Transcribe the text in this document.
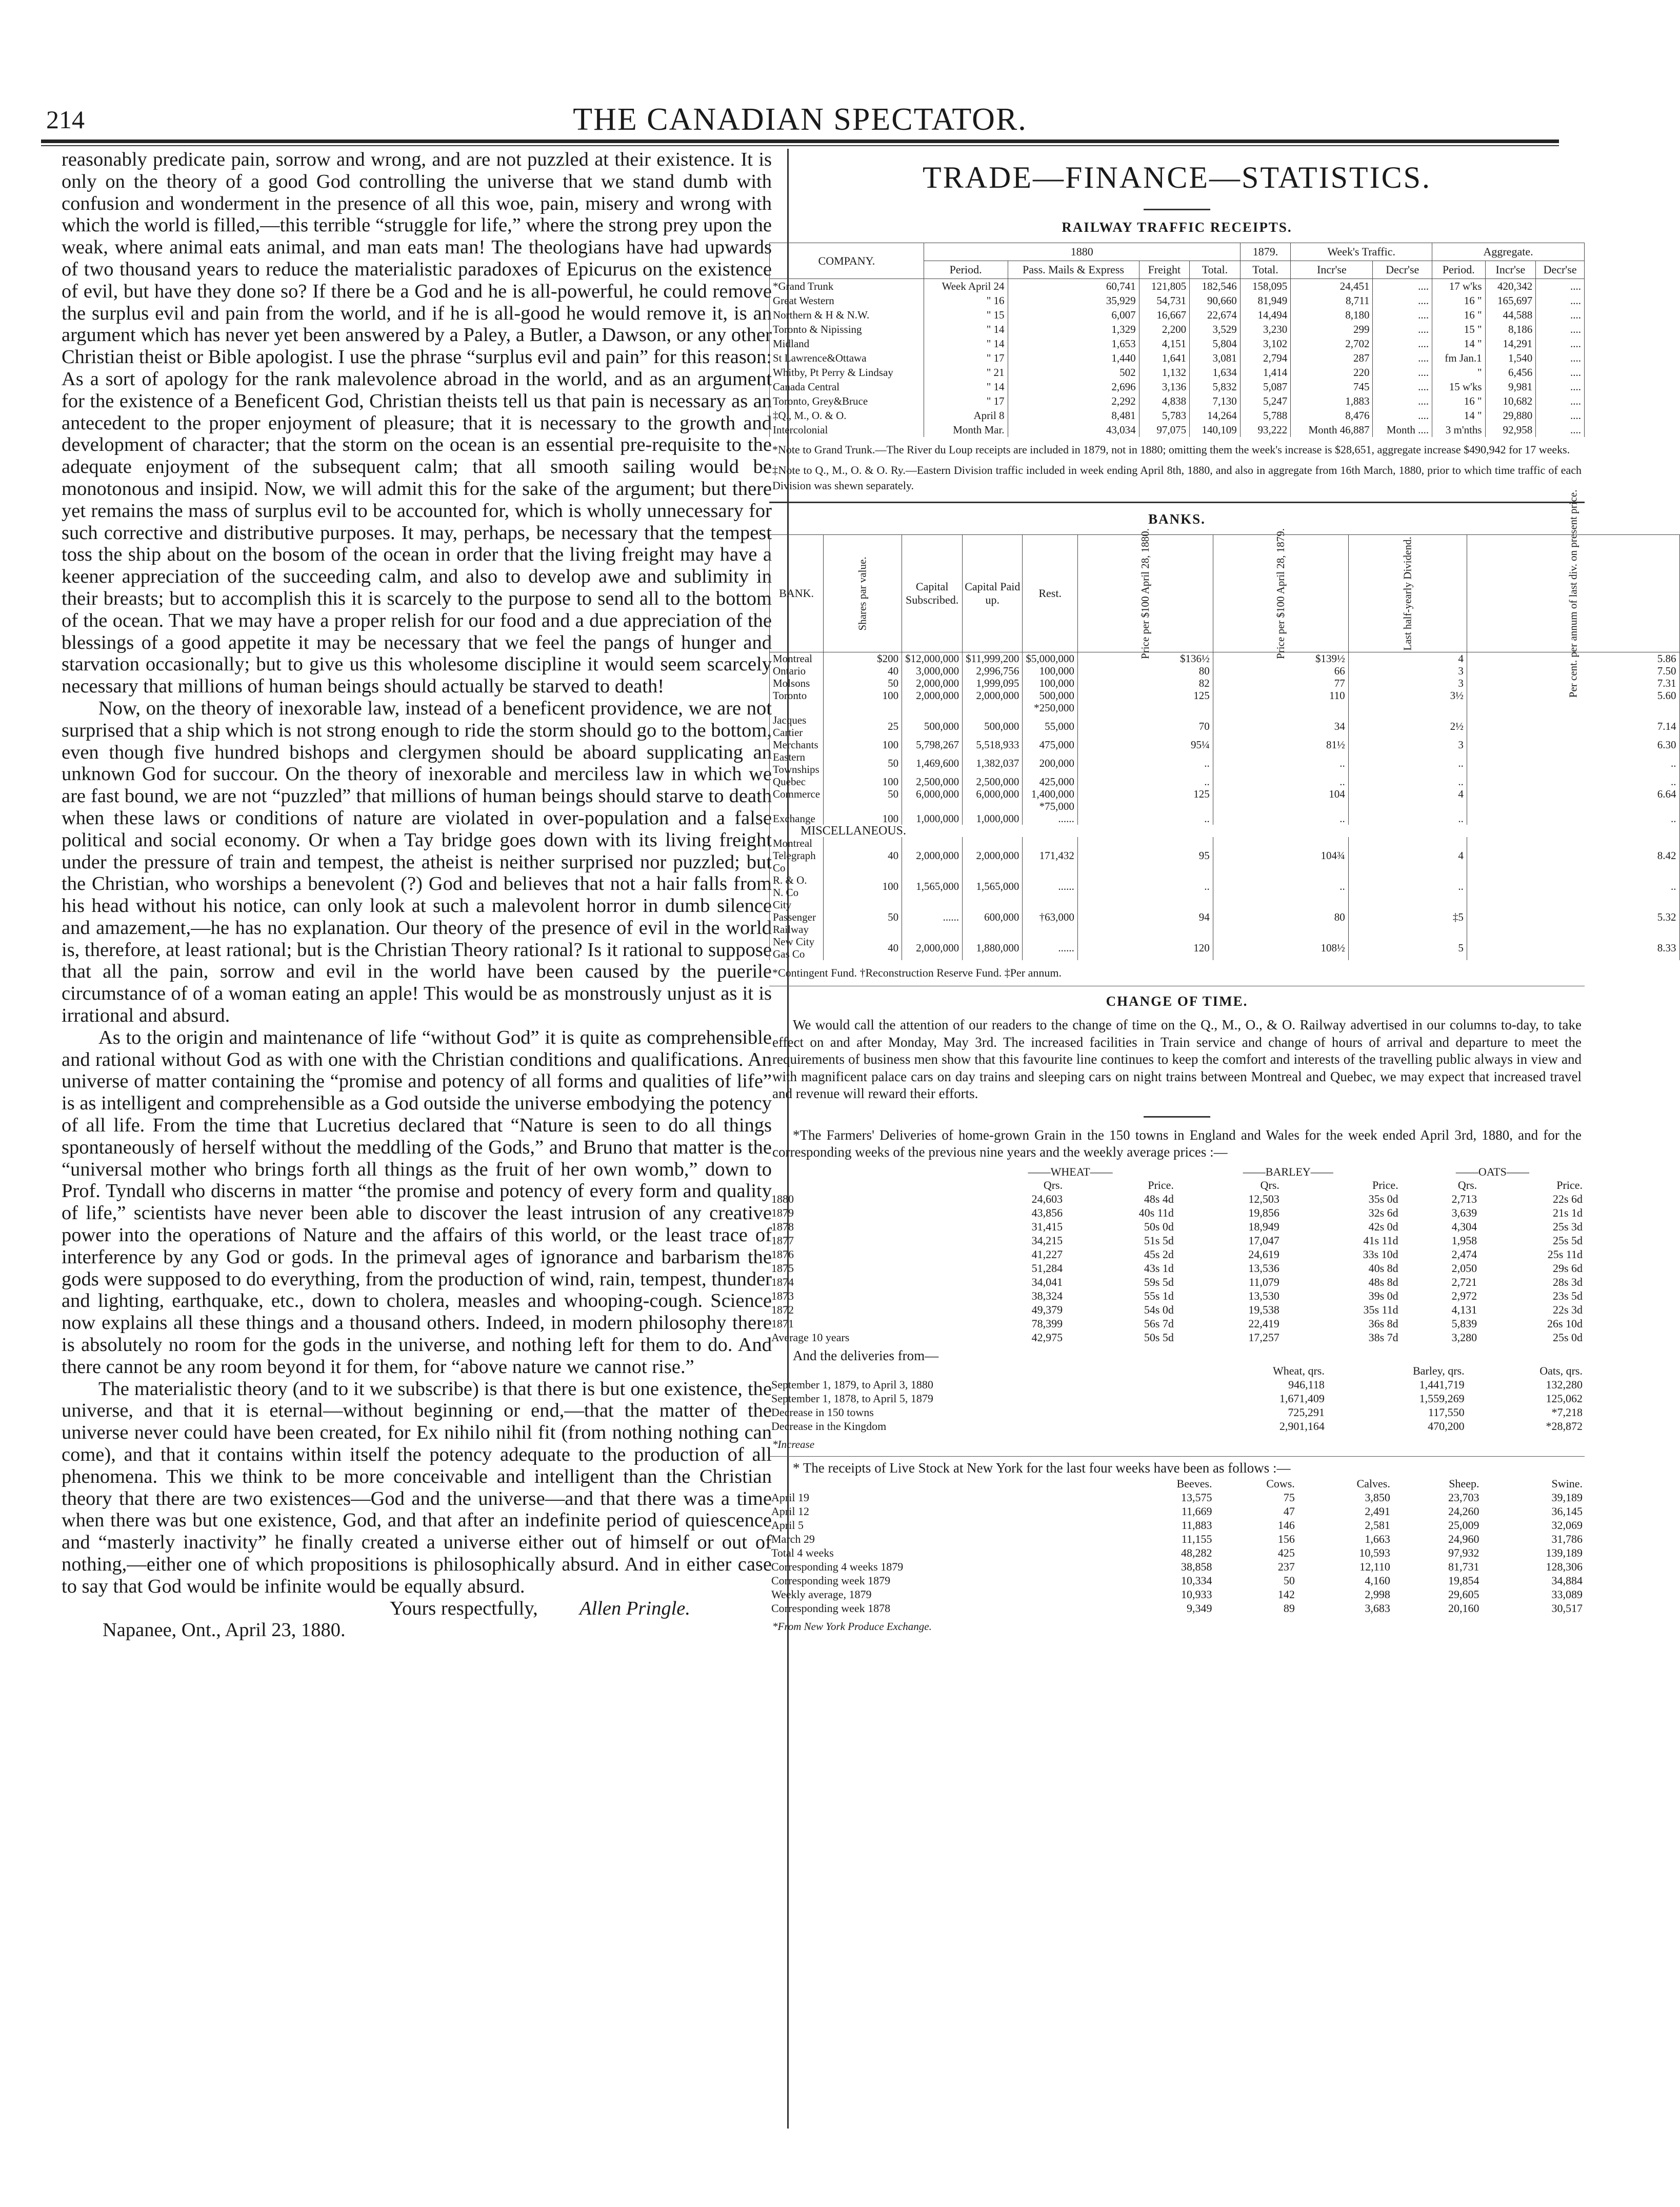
214	THE CANADIAN SPECTATOR.

reasonably predicate pain, sorrow and wrong, and are not puzzled at their existence. It is only on the theory of a good God controlling the universe that we stand dumb with confusion and wonderment in the presence of all this woe, pain, misery and wrong with which the world is filled,—this terrible “struggle for life,” where the strong prey upon the weak, where animal eats animal, and man eats man! The theologians have had upwards of two thousand years to reduce the materialistic paradoxes of Epicurus on the existence of evil, but have they done so? If there be a God and he is all-powerful, he could remove the surplus evil and pain from the world, and if he is all-good he would remove it, is an argument which has never yet been answered by a Paley, a Butler, a Dawson, or any other Christian theist or Bible apologist. I use the phrase “surplus evil and pain” for this reason: As a sort of apology for the rank malevolence abroad in the world, and as an argument for the existence of a Beneficent God, Christian theists tell us that pain is necessary as an antecedent to the proper enjoyment of pleasure; that it is necessary to the growth and development of character; that the storm on the ocean is an essential pre-requisite to the adequate enjoyment of the subsequent calm; that all smooth sailing would be monotonous and insipid. Now, we will admit this for the sake of the argument; but there yet remains the mass of surplus evil to be accounted for, which is wholly unnecessary for such corrective and distributive purposes. It may, perhaps, be necessary that the tempest toss the ship about on the bosom of the ocean in order that the living freight may have a keener appreciation of the succeeding calm, and also to develop awe and sublimity in their breasts; but to accomplish this it is scarcely to the purpose to send all to the bottom of the ocean. That we may have a proper relish for our food and a due appreciation of the blessings of a good appetite it may be necessary that we feel the pangs of hunger and starvation occasionally; but to give us this wholesome discipline it would seem scarcely necessary that millions of human beings should actually be starved to death!

Now, on the theory of inexorable law, instead of a beneficent providence, we are not surprised that a ship which is not strong enough to ride the storm should go to the bottom, even though five hundred bishops and clergymen should be aboard supplicating an unknown God for succour. On the theory of inexorable and merciless law in which we are fast bound, we are not “puzzled” that millions of human beings should starve to death when these laws or conditions of nature are violated in over-population and a false political and social economy. Or when a Tay bridge goes down with its living freight under the pressure of train and tempest, the atheist is neither surprised nor puzzled; but the Christian, who worships a benevolent (?) God and believes that not a hair falls from his head without his notice, can only look at such a malevolent horror in dumb silence and amazement,—he has no explanation. Our theory of the presence of evil in the world is, therefore, at least rational; but is the Christian Theory rational? Is it rational to suppose that all the pain, sorrow and evil in the world have been caused by the puerile circumstance of of a woman eating an apple! This would be as monstrously unjust as it is irrational and absurd.

As to the origin and maintenance of life “without God” it is quite as comprehensible and rational without God as with one with the Christian conditions and qualifications. An universe of matter containing the “promise and potency of all forms and qualities of life” is as intelligent and comprehensible as a God outside the universe embodying the potency of all life. From the time that Lucretius declared that “Nature is seen to do all things spontaneously of herself without the meddling of the Gods,” and Bruno that matter is the “universal mother who brings forth all things as the fruit of her own womb,” down to Prof. Tyndall who discerns in matter “the promise and potency of every form and quality of life,” scientists have never been able to discover the least intrusion of any creative power into the operations of Nature and the affairs of this world, or the least trace of interference by any God or gods. In the primeval ages of ignorance and barbarism the gods were supposed to do everything, from the production of wind, rain, tempest, thunder and lighting, earthquake, etc., down to cholera, measles and whooping-cough. Science now explains all these things and a thousand others. Indeed, in modern philosophy there is absolutely no room for the gods in the universe, and nothing left for them to do. And there cannot be any room beyond it for them, for “above nature we cannot rise.”

The materialistic theory (and to it we subscribe) is that there is but one existence, the universe, and that it is eternal—without beginning or end,—that the matter of the universe never could have been created, for Ex nihilo nihil fit (from nothing nothing can come), and that it contains within itself the potency adequate to the production of all phenomena. This we think to be more conceivable and intelligent than the Christian theory that there are two existences—God and the universe—and that there was a time when there was but one existence, God, and that after an indefinite period of quiescence and “masterly inactivity” he finally created a universe either out of himself or out of nothing,—either one of which propositions is philosophically absurd. And in either case to say that God would be infinite would be equally absurd.

Yours respectfully, Allen Pringle.
Napanee, Ont., April 23, 1880.
TRADE—FINANCE—STATISTICS.
RAILWAY TRAFFIC RECEIPTS.
COMPANY.	1880				1879.	Week's Traffic.		Aggregate.		
	Period.	Pass. Mails & Express	Freight	Total.	Total.	Incr'se	Decr'se	Period.	Incr'se	Decr'se
*Grand Trunk	Week April 24	60,741	121,805	182,546	158,095	24,451	....	17 w'ks	420,342	....
Great Western	" 16	35,929	54,731	90,660	81,949	8,711	....	16 "	165,697	....
Northern & H & N.W.	" 15	6,007	16,667	22,674	14,494	8,180	....	16 "	44,588	....
Toronto & Nipissing	" 14	1,329	2,200	3,529	3,230	299	....	15 "	8,186	....
Midland	" 14	1,653	4,151	5,804	3,102	2,702	....	14 "	14,291	....
St Lawrence&Ottawa	" 17	1,440	1,641	3,081	2,794	287	....	fm Jan.1	1,540	....
Whitby, Pt Perry & Lindsay	" 21	502	1,132	1,634	1,414	220	....	"	6,456	....
Canada Central	" 14	2,696	3,136	5,832	5,087	745	....	15 w'ks	9,981	....
Toronto, Grey&Bruce	" 17	2,292	4,838	7,130	5,247	1,883	....	16 "	10,682	....
‡Q., M., O. & O.	April 8	8,481	5,783	14,264	5,788	8,476	....	14 "	29,880	....
Intercolonial	Month Mar.	43,034	97,075	140,109	93,222	Month 46,887	Month ....	3 m'nths	92,958	....

*Note to Grand Trunk.—The River du Loup receipts are included in 1879, not in 1880; omitting them the week's increase is $28,651, aggregate increase $490,942 for 17 weeks.

‡Note to Q., M., O. & O. Ry.—Eastern Division traffic included in week ending April 8th, 1880, and also in aggregate from 16th March, 1880, prior to which time traffic of each Division was shewn separately.

BANKS.
BANK.	Shares par value.	Capital Subscribed.	Capital Paid up.	Rest.	Price per $100 April 28, 1880.	Price per $100 April 28, 1879.	Last half-yearly Dividend.	Per cent. per annum of last div. on present price.
Montreal	$200	$12,000,000	$11,999,200	$5,000,000	$136½	$139½	4	5.86
Ontario	40	3,000,000	2,996,756	100,000	80	66	3	7.50
Molsons	50	2,000,000	1,999,095	100,000	82	77	3	7.31
Toronto	100	2,000,000	2,000,000	500,000	125	110	3½	5.60
				*250,000				
Jacques Cartier	25	500,000	500,000	55,000	70	34	2½	7.14
Merchants	100	5,798,267	5,518,933	475,000	95¼	81½	3	6.30
Eastern Townships	50	1,469,600	1,382,037	200,000	..	..	..	..
Quebec	100	2,500,000	2,500,000	425,000	..	..	..	..
Commerce	50	6,000,000	6,000,000	1,400,000	125	104	4	6.64
				*75,000				
Exchange	100	1,000,000	1,000,000	......	..	..	..	..
MISCELLANEOUS.								
Montreal Telegraph Co	40	2,000,000	2,000,000	171,432	95	104¾	4	8.42
R. & O. N. Co	100	1,565,000	1,565,000	......	..	..	..	..
City Passenger Railway	50	......	600,000	†63,000	94	80	‡5	5.32
New City Gas Co	40	2,000,000	1,880,000	......	120	108½	5	8.33

*Contingent Fund. †Reconstruction Reserve Fund. ‡Per annum.

CHANGE OF TIME.

We would call the attention of our readers to the change of time on the Q., M., O., & O. Railway advertised in our columns to-day, to take effect on and after Monday, May 3rd. The increased facilities in Train service and change of hours of arrival and departure to meet the requirements of business men show that this favourite line continues to keep the comfort and interests of the travelling public always in view and with magnificent palace cars on day trains and sleeping cars on night trains between Montreal and Quebec, we may expect that increased travel and revenue will reward their efforts.

*The Farmers' Deliveries of home-grown Grain in the 150 towns in England and Wales for the week ended April 3rd, 1880, and for the corresponding weeks of the previous nine years and the weekly average prices :—

	——WHEAT——		——BARLEY——		——OATS——	
	Qrs.	Price.	Qrs.	Price.	Qrs.	Price.
1880	24,603	48s 4d	12,503	35s 0d	2,713	22s 6d
1879	43,856	40s 11d	19,856	32s 6d	3,639	21s 1d
1878	31,415	50s 0d	18,949	42s 0d	4,304	25s 3d
1877	34,215	51s 5d	17,047	41s 11d	1,958	25s 5d
1876	41,227	45s 2d	24,619	33s 10d	2,474	25s 11d
1875	51,284	43s 1d	13,536	40s 8d	2,050	29s 6d
1874	34,041	59s 5d	11,079	48s 8d	2,721	28s 3d
1873	38,324	55s 1d	13,530	39s 0d	2,972	23s 5d
1872	49,379	54s 0d	19,538	35s 11d	4,131	22s 3d
1871	78,399	56s 7d	22,419	36s 8d	5,839	26s 10d
Average 10 years	42,975	50s 5d	17,257	38s 7d	3,280	25s 0d

And the deliveries from—

	Wheat, qrs.	Barley, qrs.	Oats, qrs.
September 1, 1879, to April 3, 1880	946,118	1,441,719	132,280
September 1, 1878, to April 5, 1879	1,671,409	1,559,269	125,062
Decrease in 150 towns	725,291	117,550	*7,218
Decrease in the Kingdom	2,901,164	470,200	*28,872
*Increase

* The receipts of Live Stock at New York for the last four weeks have been as follows :—

	Beeves.	Cows.	Calves.	Sheep.	Swine.
April 19	13,575	75	3,850	23,703	39,189
April 12	11,669	47	2,491	24,260	36,145
April 5	11,883	146	2,581	25,009	32,069
March 29	11,155	156	1,663	24,960	31,786
Total 4 weeks	48,282	425	10,593	97,932	139,189
Corresponding 4 weeks 1879	38,858	237	12,110	81,731	128,306
Corresponding week 1879	10,334	50	4,160	19,854	34,884
Weekly average, 1879	10,933	142	2,998	29,605	33,089
Corresponding week 1878	9,349	89	3,683	20,160	30,517
*From New York Produce Exchange.
